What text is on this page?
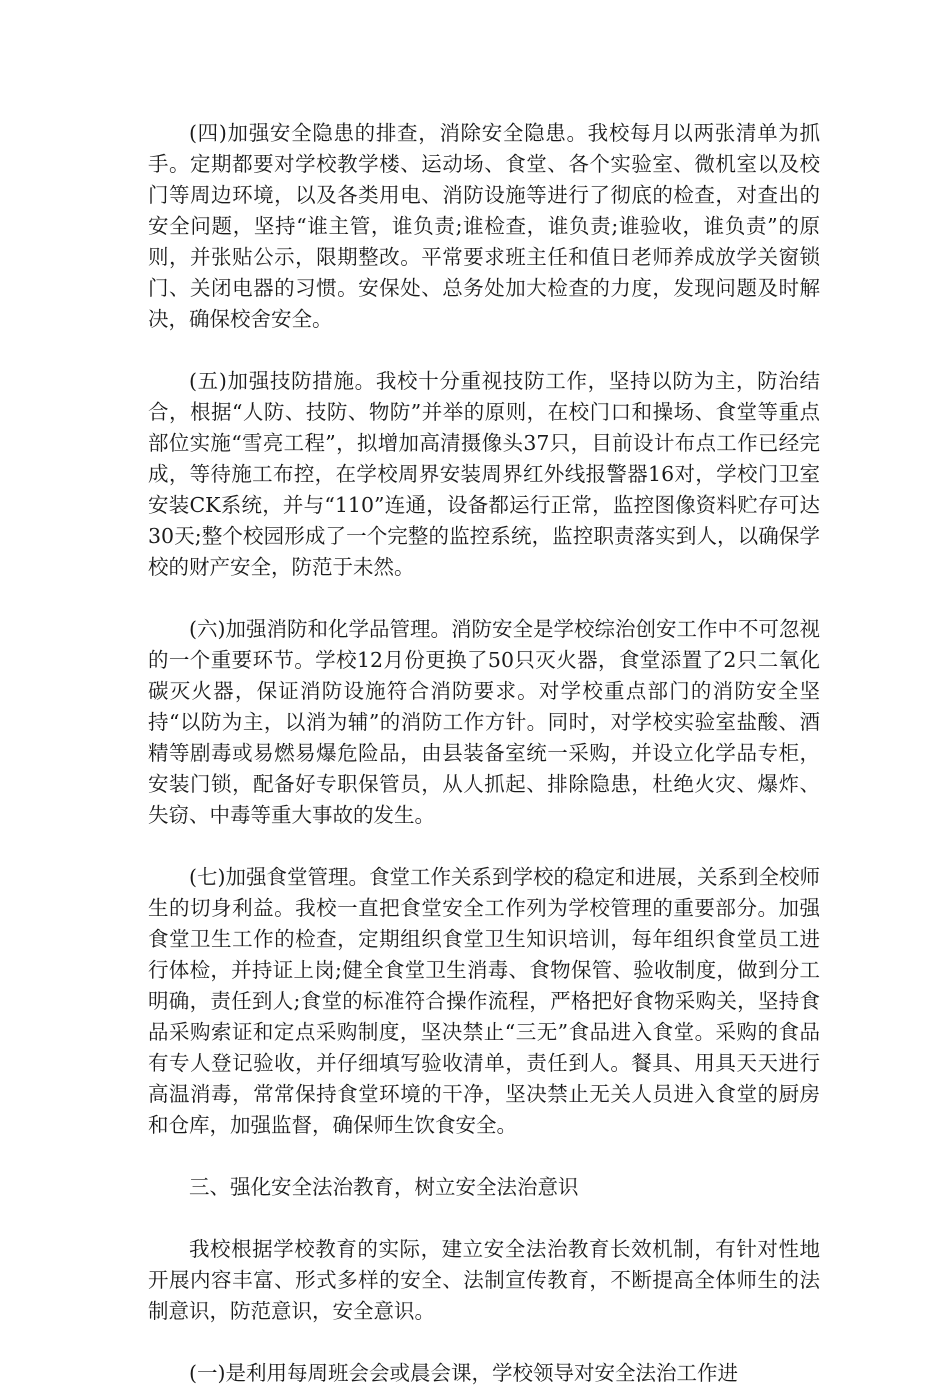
(四)加强安全隐患的排查，消除安全隐患。我校每月以两张清单为抓手。定期都要对学校教学楼、运动场、食堂、各个实验室、微机室以及校门等周边环境，以及各类用电、消防设施等进行了彻底的检查，对查出的安全问题，坚持“谁主管，谁负责;谁检查，谁负责;谁验收，谁负责”的原则，并张贴公示，限期整改。平常要求班主任和值日老师养成放学关窗锁门、关闭电器的习惯。安保处、总务处加大检查的力度，发现问题及时解决，确保校舍安全。

(五)加强技防措施。我校十分重视技防工作，坚持以防为主，防治结合，根据“人防、技防、物防”并举的原则，在校门口和操场、食堂等重点部位实施“雪亮工程”，拟增加高清摄像头37只，目前设计布点工作已经完成，等待施工布控，在学校周界安装周界红外线报警器16对，学校门卫室安装CK系统，并与“110”连通，设备都运行正常，监控图像资料贮存可达30天;整个校园形成了一个完整的监控系统，监控职责落实到人，以确保学校的财产安全，防范于未然。

(六)加强消防和化学品管理。消防安全是学校综治创安工作中不可忽视的一个重要环节。学校12月份更换了50只灭火器，食堂添置了2只二氧化碳灭火器，保证消防设施符合消防要求。对学校重点部门的消防安全坚持“以防为主，以消为辅”的消防工作方针。同时，对学校实验室盐酸、酒精等剧毒或易燃易爆危险品，由县装备室统一采购，并设立化学品专柜，安装门锁，配备好专职保管员，从人抓起、排除隐患，杜绝火灾、爆炸、失窃、中毒等重大事故的发生。

(七)加强食堂管理。食堂工作关系到学校的稳定和进展，关系到全校师生的切身利益。我校一直把食堂安全工作列为学校管理的重要部分。加强食堂卫生工作的检查，定期组织食堂卫生知识培训，每年组织食堂员工进行体检，并持证上岗;健全食堂卫生消毒、食物保管、验收制度，做到分工明确，责任到人;食堂的标准符合操作流程，严格把好食物采购关，坚持食品采购索证和定点采购制度，坚决禁止“三无”食品进入食堂。采购的食品有专人登记验收，并仔细填写验收清单，责任到人。餐具、用具天天进行高温消毒，常常保持食堂环境的干净，坚决禁止无关人员进入食堂的厨房和仓库，加强监督，确保师生饮食安全。

三、强化安全法治教育，树立安全法治意识

我校根据学校教育的实际，建立安全法治教育长效机制，有针对性地开展内容丰富、形式多样的安全、法制宣传教育，不断提高全体师生的法制意识，防范意识，安全意识。

(一)是利用每周班会会或晨会课，学校领导对安全法治工作进
